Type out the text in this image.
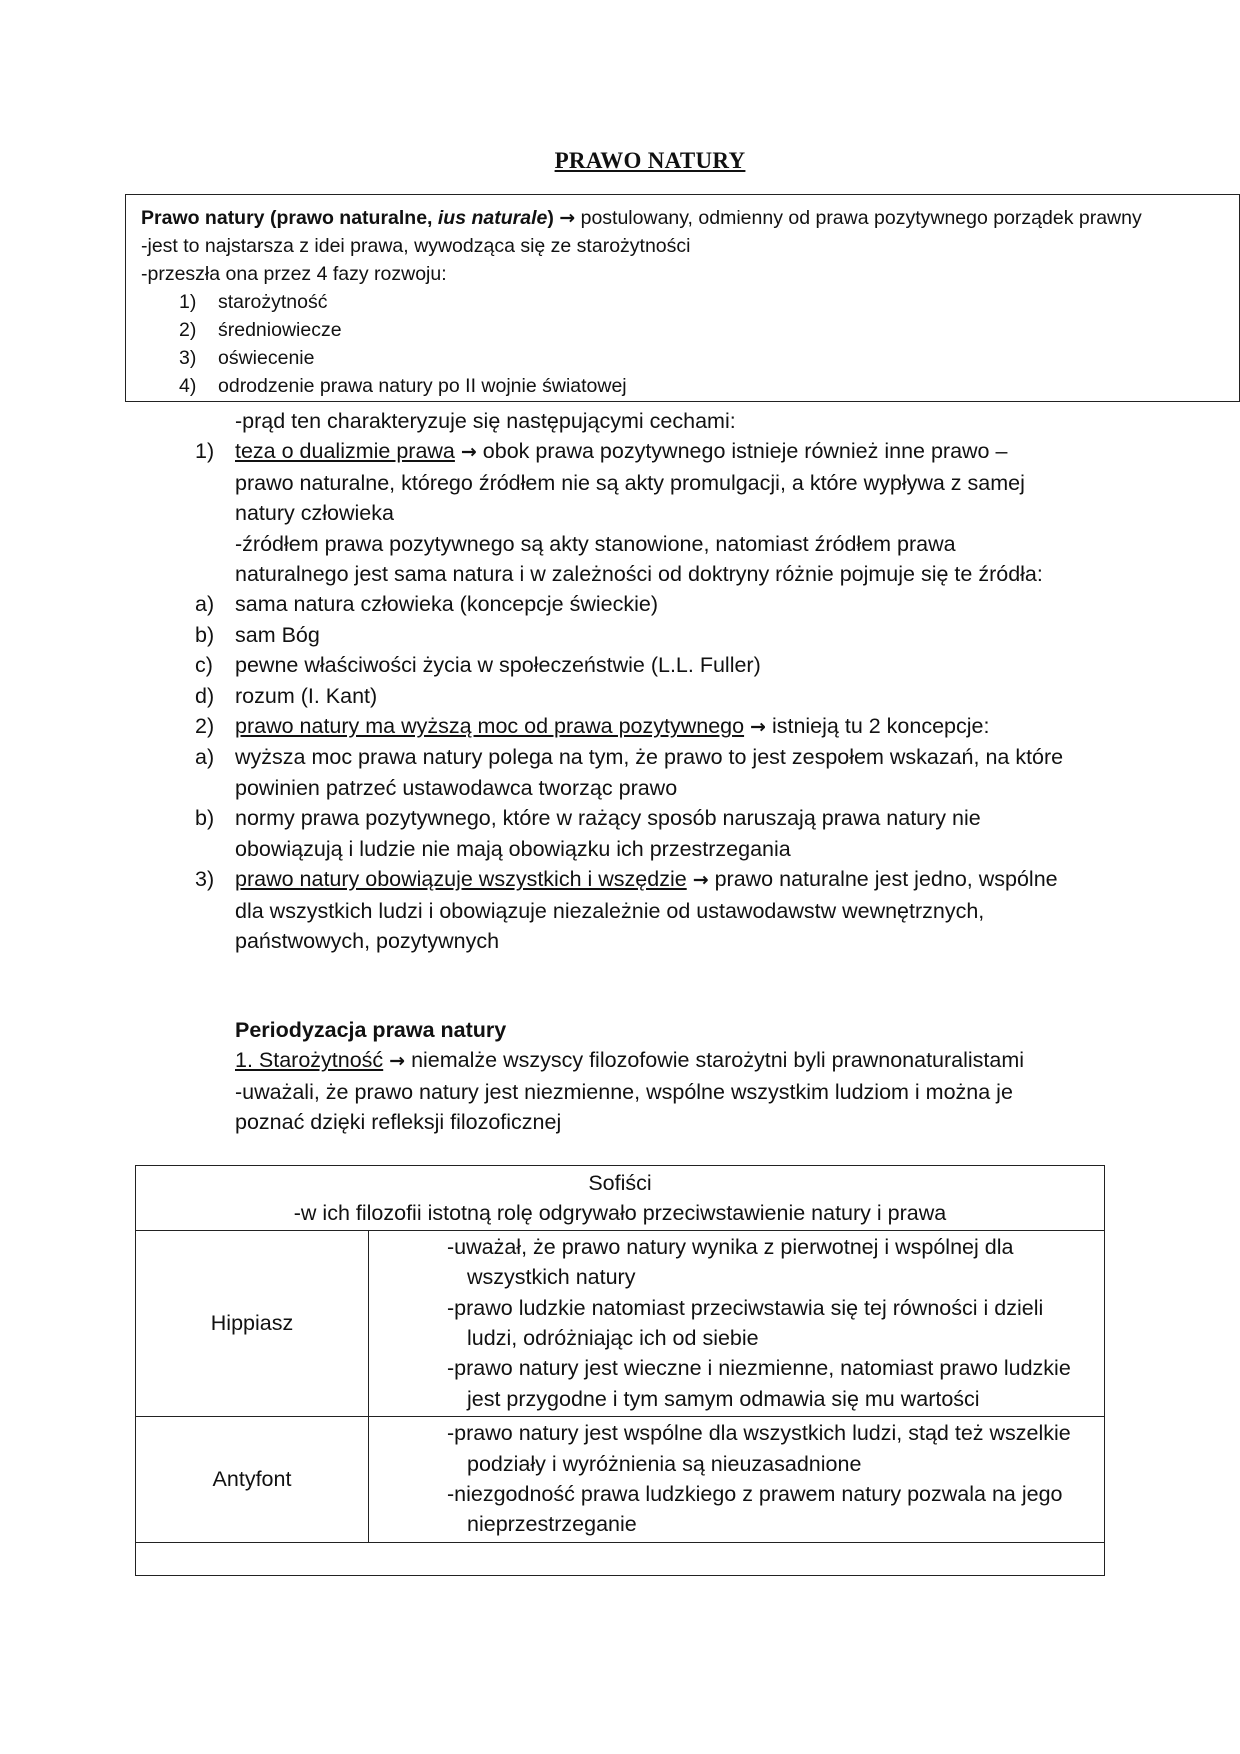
PRAWO NATURY
Prawo natury (prawo naturalne, ius naturale) → postulowany, odmienny od prawa pozytywnego porządek prawny
-jest to najstarsza z idei prawa, wywodząca się ze starożytności
-przeszła ona przez 4 fazy rozwoju:
1) starożytność
2) średniowiecze
3) oświecenie
4) odrodzenie prawa natury po II wojnie światowej
-prąd ten charakteryzuje się następującymi cechami:
1) teza o dualizmie prawa → obok prawa pozytywnego istnieje również inne prawo – prawo naturalne, którego źródłem nie są akty promulgacji, a które wypływa z samej natury człowieka
-źródłem prawa pozytywnego są akty stanowione, natomiast źródłem prawa naturalnego jest sama natura i w zależności od doktryny różnie pojmuje się te źródła:
a) sama natura człowieka (koncepcje świeckie)
b) sam Bóg
c) pewne właściwości życia w społeczeństwie (L.L. Fuller)
d) rozum (I. Kant)
2) prawo natury ma wyższą moc od prawa pozytywnego → istnieją tu 2 koncepcje:
a) wyższa moc prawa natury polega na tym, że prawo to jest zespołem wskazań, na które powinien patrzeć ustawodawca tworząc prawo
b) normy prawa pozytywnego, które w rażący sposób naruszają prawa natury nie obowiązują i ludzie nie mają obowiązku ich przestrzegania
3) prawo natury obowiązuje wszystkich i wszędzie → prawo naturalne jest jedno, wspólne dla wszystkich ludzi i obowiązuje niezależnie od ustawodawstw wewnętrznych, państwowych, pozytywnych
Periodyzacja prawa natury
1. Starożytność → niemalże wszyscy filozofowie starożytni byli prawnonaturalistami
-uważali, że prawo natury jest niezmienne, wspólne wszystkim ludziom i można je poznać dzięki refleksji filozoficznej
Sofiści
-w ich filozofii istotną rolę odgrywało przeciwstawienie natury i prawa	

Hippiasz	-uważał, że prawo natury wynika z pierwotnej i wspólnej dla wszystkich natury
-prawo ludzkie natomiast przeciwstawia się tej równości i dzieli ludzi, odróżniając ich od siebie
-prawo natury jest wieczne i niezmienne, natomiast prawo ludzkie jest przygodne i tym samym odmawia się mu wartości

Antyfont	-prawo natury jest wspólne dla wszystkich ludzi, stąd też wszelkie podziały i wyróżnienia są nieuzasadnione
-niezgodność prawa ludzkiego z prawem natury pozwala na jego nieprzestrzeganie
